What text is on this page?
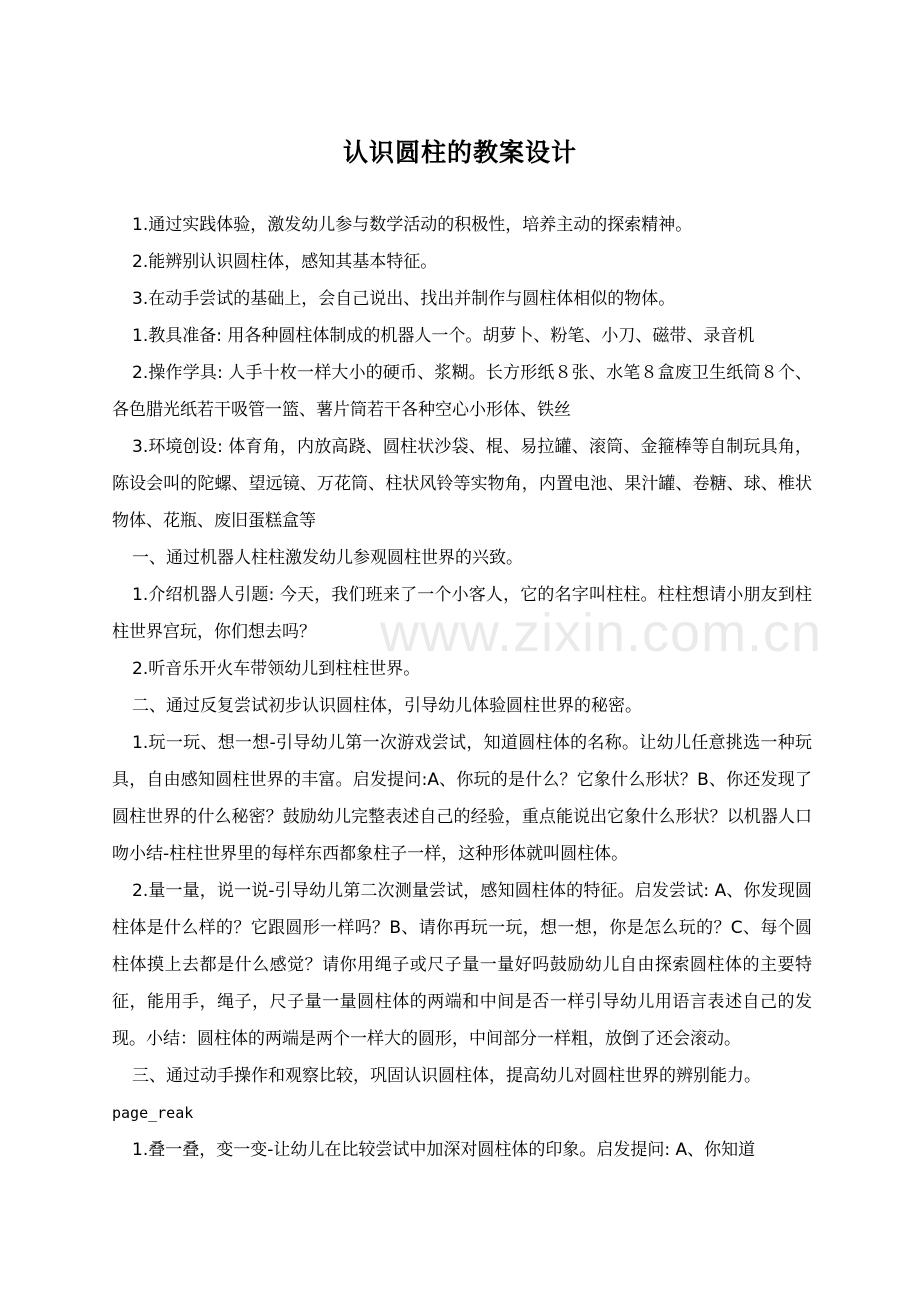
www.zixin.com.cn
认识圆柱的教案设计

1.通过实践体验，激发幼儿参与数学活动的积极性，培养主动的探索精神。

2.能辨别认识圆柱体，感知其基本特征。

3.在动手尝试的基础上，会自己说出、找出并制作与圆柱体相似的物体。

1.教具准备: 用各种圆柱体制成的机器人一个。胡萝卜、粉笔、小刀、磁带、录音机

2.操作学具: 人手十枚一样大小的硬币、浆糊。长方形纸８张、水笔８盒废卫生纸筒８个、各色腊光纸若干吸管一篮、薯片筒若干各种空心小形体、铁丝

3.环境创设: 体育角，内放高跷、圆柱状沙袋、棍、易拉罐、滚筒、金箍棒等自制玩具角，陈设会叫的陀螺、望远镜、万花筒、柱状风铃等实物角，内置电池、果汁罐、卷糖、球、椎状物体、花瓶、废旧蛋糕盒等

一、通过机器人柱柱激发幼儿参观圆柱世界的兴致。

1.介绍机器人引题: 今天，我们班来了一个小客人，它的名字叫柱柱。柱柱想请小朋友到柱柱世界宫玩，你们想去吗？

2.听音乐开火车带领幼儿到柱柱世界。

二、通过反复尝试初步认识圆柱体，引导幼儿体验圆柱世界的秘密。

1.玩一玩、想一想-引导幼儿第一次游戏尝试，知道圆柱体的名称。让幼儿任意挑选一种玩具，自由感知圆柱世界的丰富。启发提问:A、你玩的是什么？它象什么形状？B、你还发现了圆柱世界的什么秘密？鼓励幼儿完整表述自己的经验，重点能说出它象什么形状？以机器人口吻小结-柱柱世界里的每样东西都象柱子一样，这种形体就叫圆柱体。

2.量一量，说一说-引导幼儿第二次测量尝试，感知圆柱体的特征。启发尝试: A、你发现圆柱体是什么样的？它跟圆形一样吗？B、请你再玩一玩，想一想，你是怎么玩的？C、每个圆柱体摸上去都是什么感觉？请你用绳子或尺子量一量好吗鼓励幼儿自由探索圆柱体的主要特征，能用手，绳子，尺子量一量圆柱体的两端和中间是否一样引导幼儿用语言表述自己的发现。小结：圆柱体的两端是两个一样大的圆形，中间部分一样粗，放倒了还会滚动。

三、通过动手操作和观察比较，巩固认识圆柱体，提高幼儿对圆柱世界的辨别能力。

page_reak

1.叠一叠，变一变-让幼儿在比较尝试中加深对圆柱体的印象。启发提问: A、你知道
